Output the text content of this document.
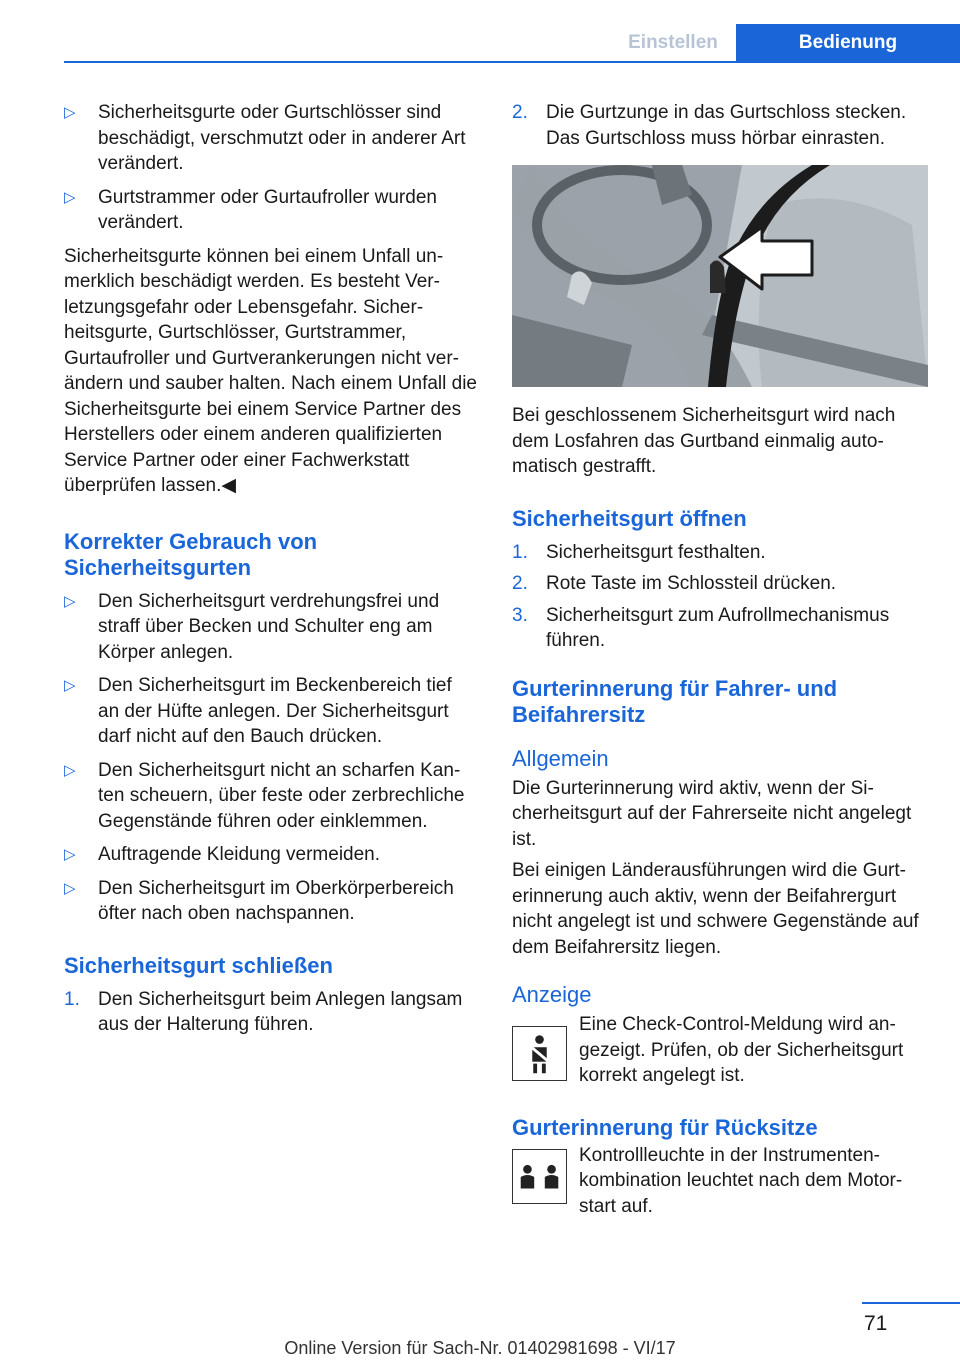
Einstellen	Bedienung
▷ Sicherheitsgurte oder Gurtschlösser sind beschädigt, verschmutzt oder in anderer Art verändert.
▷ Gurtstrammer oder Gurtaufroller wurden verändert.

Sicherheitsgurte können bei einem Unfall unmerklich beschädigt werden. Es besteht Verletzungsgefahr oder Lebensgefahr. Sicherheitsgurte, Gurtschlösser, Gurtstrammer, Gurtaufroller und Gurtverankerungen nicht verändern und sauber halten. Nach einem Unfall die Sicherheitsgurte bei einem Service Partner des Herstellers oder einem anderen qualifizierten Service Partner oder einer Fachwerkstatt überprüfen lassen.◀

Korrekter Gebrauch von Sicherheitsgurten
▷ Den Sicherheitsgurt verdrehungsfrei und straff über Becken und Schulter eng am Körper anlegen.
▷ Den Sicherheitsgurt im Beckenbereich tief an der Hüfte anlegen. Der Sicherheitsgurt darf nicht auf den Bauch drücken.
▷ Den Sicherheitsgurt nicht an scharfen Kanten scheuern, über feste oder zerbrechliche Gegenstände führen oder einklemmen.
▷ Auftragende Kleidung vermeiden.
▷ Den Sicherheitsgurt im Oberkörperbereich öfter nach oben nachspannen.
Sicherheitsgurt schließen
1. Den Sicherheitsgurt beim Anlegen langsam aus der Halterung führen.
2. Die Gurtzunge in das Gurtschloss stecken. Das Gurtschloss muss hörbar einrasten.

Bei geschlossenem Sicherheitsgurt wird nach dem Losfahren das Gurtband einmalig automatisch gestrafft.

Sicherheitsgurt öffnen
1. Sicherheitsgurt festhalten.
2. Rote Taste im Schlossteil drücken.
3. Sicherheitsgurt zum Aufrollmechanismus führen.
Gurterinnerung für Fahrer- und Beifahrersitz
Allgemein

Die Gurterinnerung wird aktiv, wenn der Sicherheitsgurt auf der Fahrerseite nicht angelegt ist.

Bei einigen Länderausführungen wird die Gurterinnerung auch aktiv, wenn der Beifahrergurt nicht angelegt ist und schwere Gegenstände auf dem Beifahrersitz liegen.

Anzeige

Eine Check-Control-Meldung wird angezeigt. Prüfen, ob der Sicherheitsgurt korrekt angelegt ist.

Gurterinnerung für Rücksitze

Kontrollleuchte in der Instrumentenkombination leuchtet nach dem Motorstart auf.

71
Online Version für Sach-Nr. 01402981698 - VI/17
